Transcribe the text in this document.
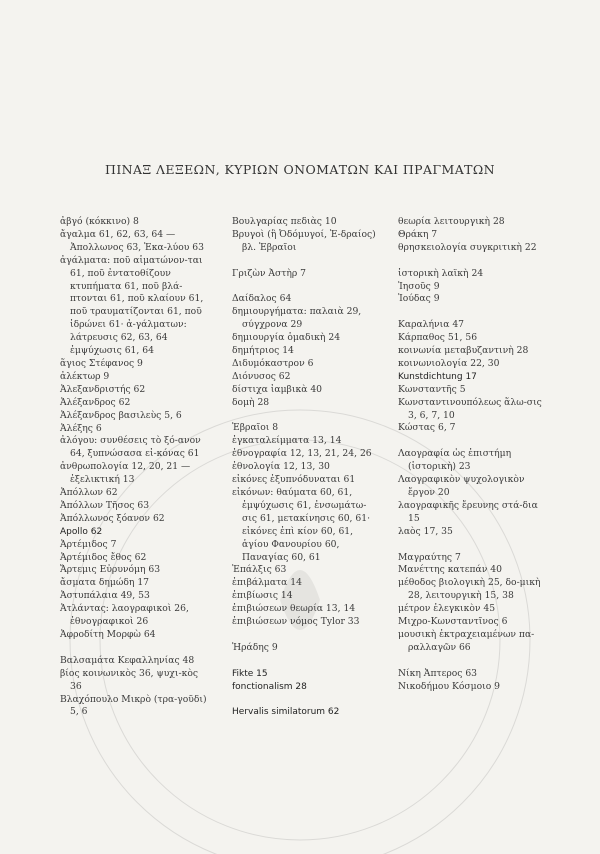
ΠΙΝΑΞ ΛΕΞΕΩΝ, ΚΥΡΙΩΝ ΟΝΟΜΑΤΩΝ ΚΑΙ ΠΡΑΓΜΑΤΩΝ

ἀβγό (κόκκινο) 8

ἄγαλμα 61, 62, 63, 64 —Ἀπολλωνος 63, Ἑκα-λύου 63

ἀγάλματα: ποῦ αἱματώνον-ται 61, ποῦ ἐντατοθίζουν κτυπήματα 61, ποῦ βλά-πτονται 61, ποῦ κλαίουν 61, ποῦ τραυματίζονται 61, ποῦ ἱδρώνει 61· ἀ-γάλματων: λάτρευσις 62, 63, 64 ἐμψύχωσις 61, 64

ἅγιος Στέφανος 9

ἀλέκτωρ 9

Ἀλεξανδριστής 62

Ἀλέξανδρος 62

Ἀλέξανδρος βασιλεὺς 5, 6

Ἀλέξης 6

ἀλόγου: συνθέσεις τὸ ξό-ανον 64, ξυπνώσασα εἰ-κόνας 61

ἀνθρωπολογία 12, 20, 21 — ἐξελικτική 13

Ἀπόλλων 62

Ἀπόλλων Τῆσος 63

Ἀπόλλωνος ξόανον 62

Apollo 62

Ἀρτέμιδος 7

Ἀρτέμιδος ἔθος 62

Ἄρτεμις Εὐρυνόμη 63

ἄσματα δημώδη 17

Ἀστυπάλαια 49, 53

Ἀτλάντας: λαογραφικοὶ 26, ἐθνογραφικοὶ 26

Ἀφροδίτη Μορφὼ 64

Βαλσαμάτα Κεφαλληνίας 48

βίος κοινωνικὸς 36, ψυχι-κὸς 36

Βλαχόπουλο Μικρὸ (τρα-γοῦδι) 5, 6

Βουλγαρίας πεδιὰς 10

Βρυγοὶ (ἢ Ὀδόμυγοί, Ἑ-δραίος) βλ. Ἑβραῖοι

Γριζὼν Ἀστὴρ 7

Δαίδαλος 64

δημιουργήματα: παλαιὰ 29, σύγχρονα 29

δημιουργία ὁμαδικὴ 24

δημήτριος 14

Διδυμόκαστρον 6

Διόνυσος 62

δίστιχα ἰαμβικὰ 40

δομὴ 28

Ἑβραῖοι 8

ἐγκαταλείμματα 13, 14

ἐθνογραφία 12, 13, 21, 24, 26

ἐθνολογία 12, 13, 30

εἰκόνες ἐξυπνόδυναται 61

εἰκόνων: θαύματα 60, 61, ἐμψύχωσις 61, ἐνσωμάτω-σις 61, μετακίνησις 60, 61· εἰκόνες ἐπὶ κίον 60, 61, ἁγίου Φανουρίου 60, Παναγίας 60, 61

Ἐπάλξις 63

ἐπιβάλματα 14

ἐπιβίωσις 14

ἐπιβιώσεων θεωρία 13, 14

ἐπιβιώσεων νόμος Tylor 33

Ἡράδης 9

Fikte 15

fonctionalism 28

Hervalis similatorum 62

θεωρία λειτουργικὴ 28

Θράκη 7

θρησκειολογία συγκριτικὴ 22

ἱστορικὴ λαϊκὴ 24

Ἰησοῦς 9

Ἰούδας 9

Καραλήνια 47

Κάρπαθος 51, 56

κοινωνία μεταβυζαντινὴ 28

κοινωνιολογία 22, 30

Kunstdichtung 17

Κωνσταντῆς 5

Κωνσταντινουπόλεως ἅλω-σις 3, 6, 7, 10

Κώστας 6, 7

Λαογραφία ὡς ἐπιστήμη (ἱστορικὴ) 23

Λαογραφικὸν ψυχολογικὸν ἔργον 20

λαογραφικῆς ἔρευνης στά-δια 15

λαὸς 17, 35

Μαγραύτης 7

Μανέττης κατεπάν 40

μέθοδος βιολογικὴ 25, δο-μικὴ 28, λειτουργικὴ 15, 38

μέτρον ἐλεγκικὸν 45

Μιχρο-Κωνσταντῖνος 6

μουσικὴ ἐκτραχειαμένων πα-ραλλαγῶν 66

Νίκη Ἀπτερος 63

Νικοδήμου Κόσμοιο 9
